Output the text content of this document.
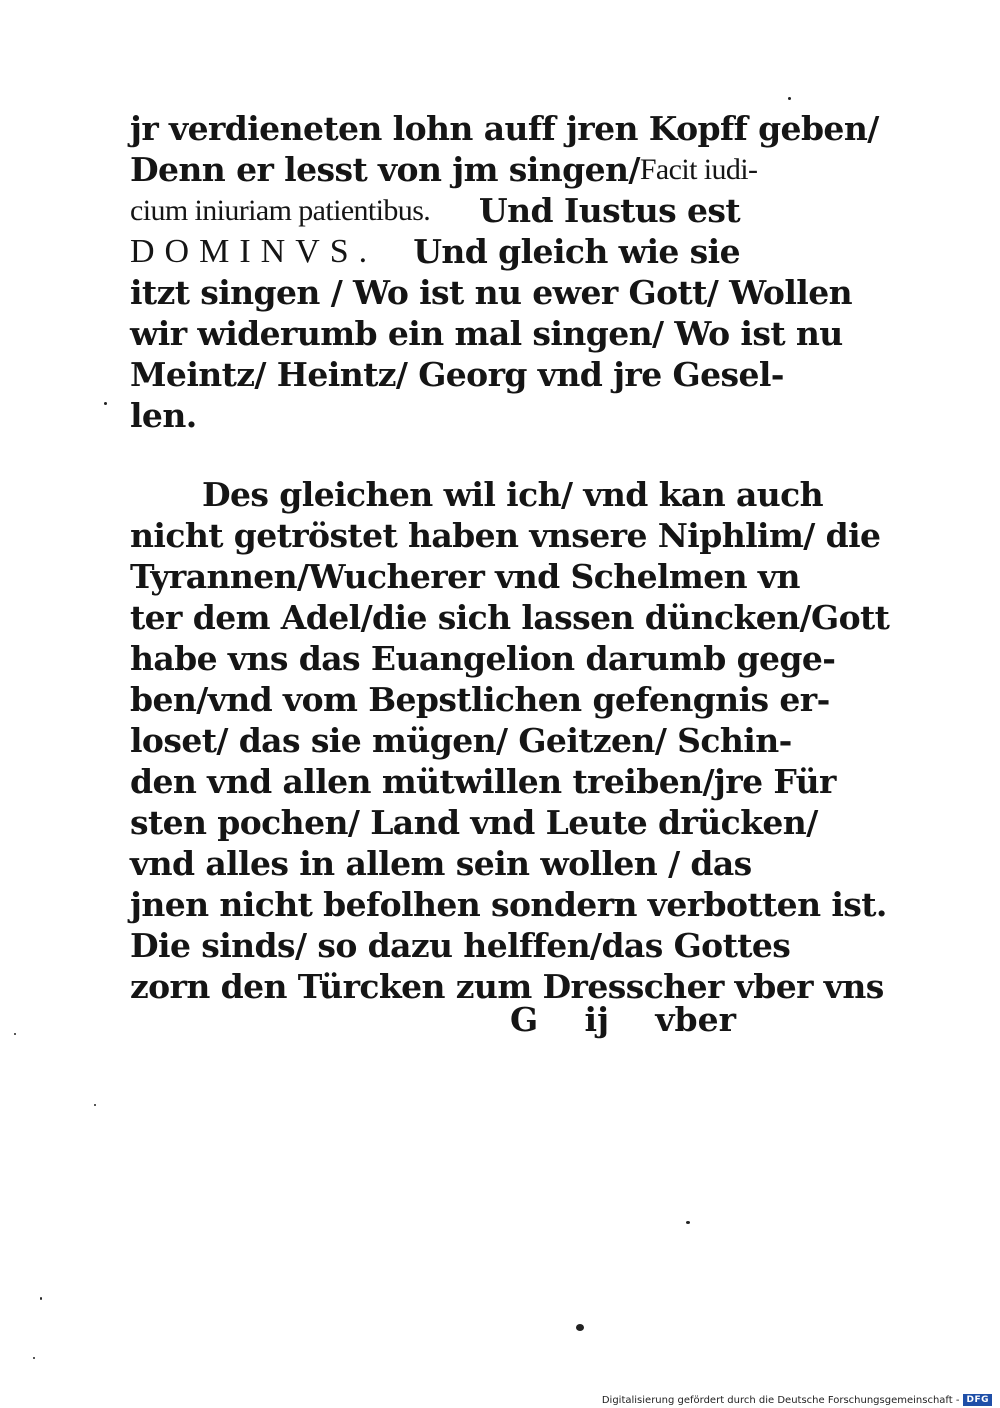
jr verdieneten lohn auff jren Kopff geben/
Denn er lesst von jm singen/ Facit iudi-
cium iniuriam patientibus. Und Iustus est
DOMINVS. Und gleich wie sie
itzt singen / Wo ist nu ewer Gott/ Wollen
wir widerumb ein mal singen/ Wo ist nu
Meintz/ Heintz/ Georg vnd jre Gesel-
len.
Des gleichen wil ich/ vnd kan auch
nicht getröstet haben vnsere Niphlim/ die
Tyrannen/Wucherer vnd Schelmen vn
ter dem Adel/die sich lassen düncken/Gott
habe vns das Euangelion darumb gege-
ben/vnd vom Bepstlichen gefengnis er-
loset/ das sie mügen/ Geitzen/ Schin-
den vnd allen mütwillen treiben/jre Für
sten pochen/ Land vnd Leute drücken/
vnd alles in allem sein wollen / das
jnen nicht befolhen sondern verbotten ist.
Die sinds/ so dazu helffen/das Gottes
zorn den Türcken zum Dresscher vber vns
G ij vber
Digitalisierung gefördert durch die Deutsche Forschungsgemeinschaft - DFG
